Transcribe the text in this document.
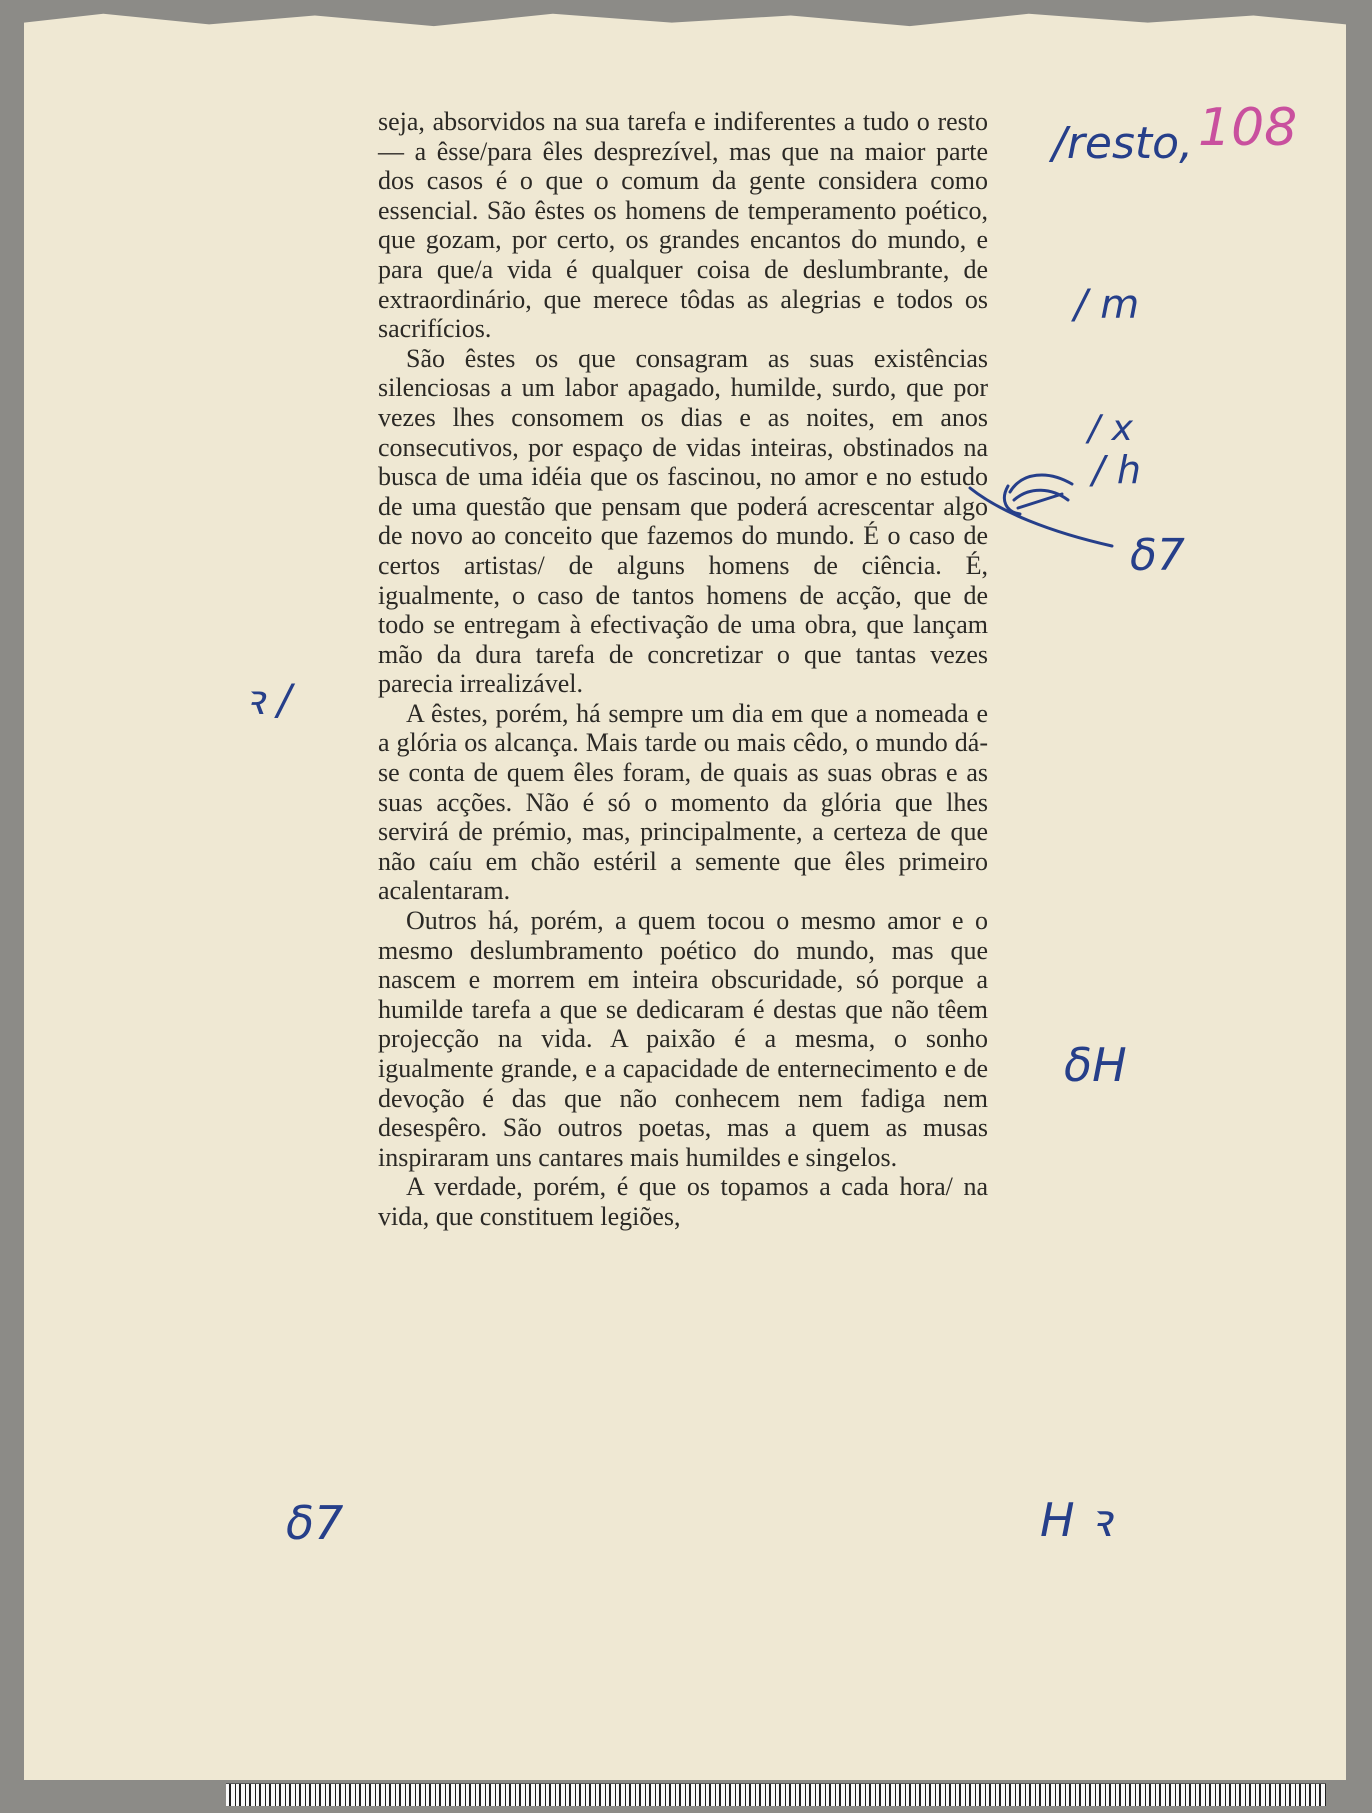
seja, absorvidos na sua tarefa e indiferentes a tudo o resto — a êsse/para êles desprezível, mas que na maior parte dos casos é o que o comum da gente considera como essencial. São êstes os homens de temperamento poético, que gozam, por certo, os grandes encantos do mundo, e para que/a vida é qualquer coisa de deslumbrante, de extraordinário, que merece tôdas as alegrias e todos os sacrifícios.

São êstes os que consagram as suas existências silenciosas a um labor apagado, humilde, surdo, que por vezes lhes consomem os dias e as noites, em anos consecutivos, por espaço de vidas inteiras, obstinados na busca de uma idéia que os fascinou, no amor e no estudo de uma questão que pensam que poderá acrescentar algo de novo ao conceito que fazemos do mundo. É o caso de certos artistas/ de alguns homens de ciência. É, igualmente, o caso de tantos homens de acção, que de todo se entregam à efectivação de uma obra, que lançam mão da dura tarefa de concretizar o que tantas vezes parecia irrealizável.

A êstes, porém, há sempre um dia em que a nomeada e a glória os alcança. Mais tarde ou mais cêdo, o mundo dá-se conta de quem êles foram, de quais as suas obras e as suas acções. Não é só o momento da glória que lhes servirá de prémio, mas, principalmente, a certeza de que não caíu em chão estéril a semente que êles primeiro acalentaram.

Outros há, porém, a quem tocou o mesmo amor e o mesmo deslumbramento poético do mundo, mas que nascem e morrem em inteira obscuridade, só porque a humilde tarefa a que se dedicaram é destas que não têem projecção na vida. A paixão é a mesma, o sonho igualmente grande, e a capacidade de enternecimento e de devoção é das que não conhecem nem fadiga nem desespêro. São outros poetas, mas a quem as musas inspiraram uns cantares mais humildes e singelos.

A verdade, porém, é que os topamos a cada hora/ na vida, que constituem legiões,

/resto, 108
/ m
/ x
/ h
δ7
ꝛ /
δH
δ7	H ꝛ
